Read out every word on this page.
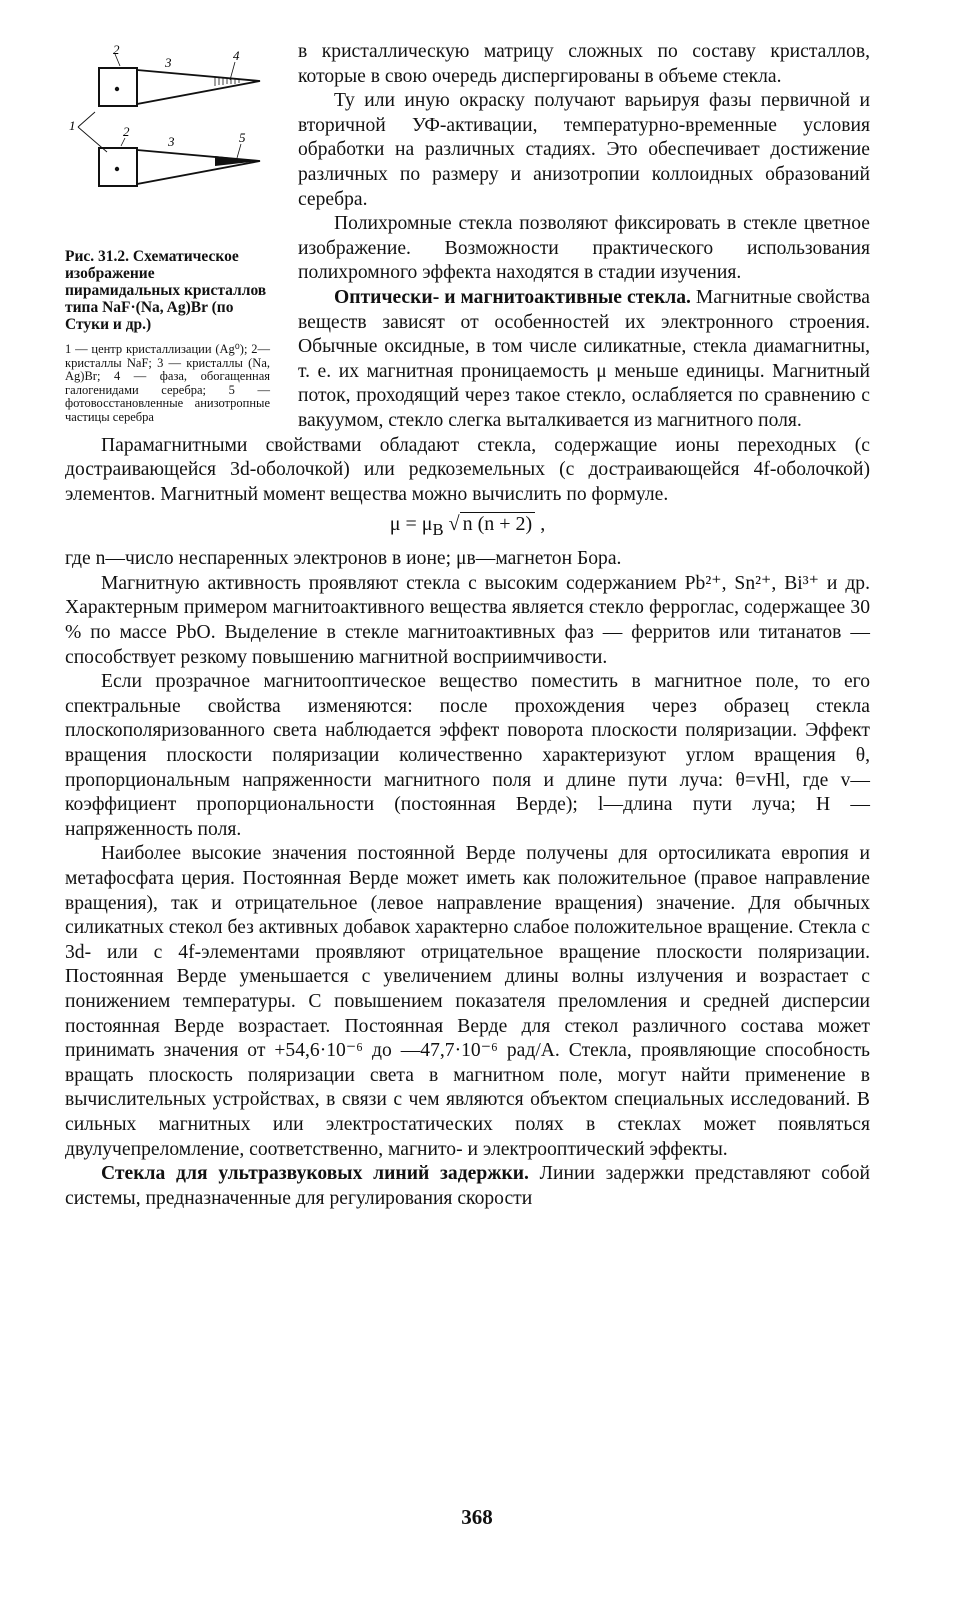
2
3	4
1	2
3	5
Рис. 31.2. Схематическое изображение пирамидальных кристаллов типа NaF·(Na, Ag)Br (по Стуки и др.)
1 — центр кристаллизации (Ag⁰); 2—кристаллы NaF; 3 — кристаллы (Na, Ag)Br; 4 — фаза, обогащенная галогенидами серебра; 5 — фотовосстановленные анизотропные частицы серебра

в кристаллическую матрицу сложных по составу кристаллов, которые в свою очередь диспергированы в объеме стекла.

Ту или иную окраску получают варьируя фазы первичной и вторичной УФ-активации, температурно-временные условия обработки на различных стадиях. Это обеспечивает достижение различных по размеру и анизотропии коллоидных образований серебра.

Полихромные стекла позволяют фиксировать в стекле цветное изображение. Возможности практического использования полихромного эффекта находятся в стадии изучения.

Оптически- и магнитоактивные стекла. Магнитные свойства веществ зависят от особенностей их электронного строения. Обычные оксидные, в том числе силикатные, стекла диамагнитны, т. е. их магнитная проницаемость μ меньше единицы. Магнитный поток, проходящий через такое стекло, ослабляется по сравнению с вакуумом, стекло слегка выталкивается из магнитного поля.

Парамагнитными свойствами обладают стекла, содержащие ионы переходных (с достраивающейся 3d-оболочкой) или редкоземельных (с достраивающейся 4f-оболочкой) элементов. Магнитный момент вещества можно вычислить по формуле.

$\mu = \mu_B$ √ n (n + 2) ,

где n—число неспаренных электронов в ионе; μв—магнетон Бора.

Магнитную активность проявляют стекла с высоким содержанием Pb²⁺, Sn²⁺, Bi³⁺ и др. Характерным примером магнитоактивного вещества является стекло ферроглас, содержащее 30 % по массе PbO. Выделение в стекле магнитоактивных фаз — ферритов или титанатов — способствует резкому повышению магнитной восприимчивости.

Если прозрачное магнитооптическое вещество поместить в магнитное поле, то его спектральные свойства изменяются: после прохождения через образец стекла плоскополяризованного света наблюдается эффект поворота плоскости поляризации. Эффект вращения плоскости поляризации количественно характеризуют углом вращения θ, пропорциональным напряженности магнитного поля и длине пути луча: θ=vHl, где v—коэффициент пропорциональности (постоянная Верде); l—длина пути луча; H — напряженность поля.

Наиболее высокие значения постоянной Верде получены для ортосиликата европия и метафосфата церия. Постоянная Верде может иметь как положительное (правое направление вращения), так и отрицательное (левое направление вращения) значение. Для обычных силикатных стекол без активных добавок характерно слабое положительное вращение. Стекла с 3d- или с 4f-элементами проявляют отрицательное вращение плоскости поляризации. Постоянная Верде уменьшается с увеличением длины волны излучения и возрастает с понижением температуры. С повышением показателя преломления и средней дисперсии постоянная Верде возрастает. Постоянная Верде для стекол различного состава может принимать значения от +54,6·10⁻⁶ до —47,7·10⁻⁶ рад/А. Стекла, проявляющие способность вращать плоскость поляризации света в магнитном поле, могут найти применение в вычислительных устройствах, в связи с чем являются объектом специальных исследований. В сильных магнитных или электростатических полях в стеклах может появляться двулучепреломление, соответственно, магнито- и электрооптический эффекты.

Стекла для ультразвуковых линий задержки. Линии задержки представляют собой системы, предназначенные для регулирования скорости

368
